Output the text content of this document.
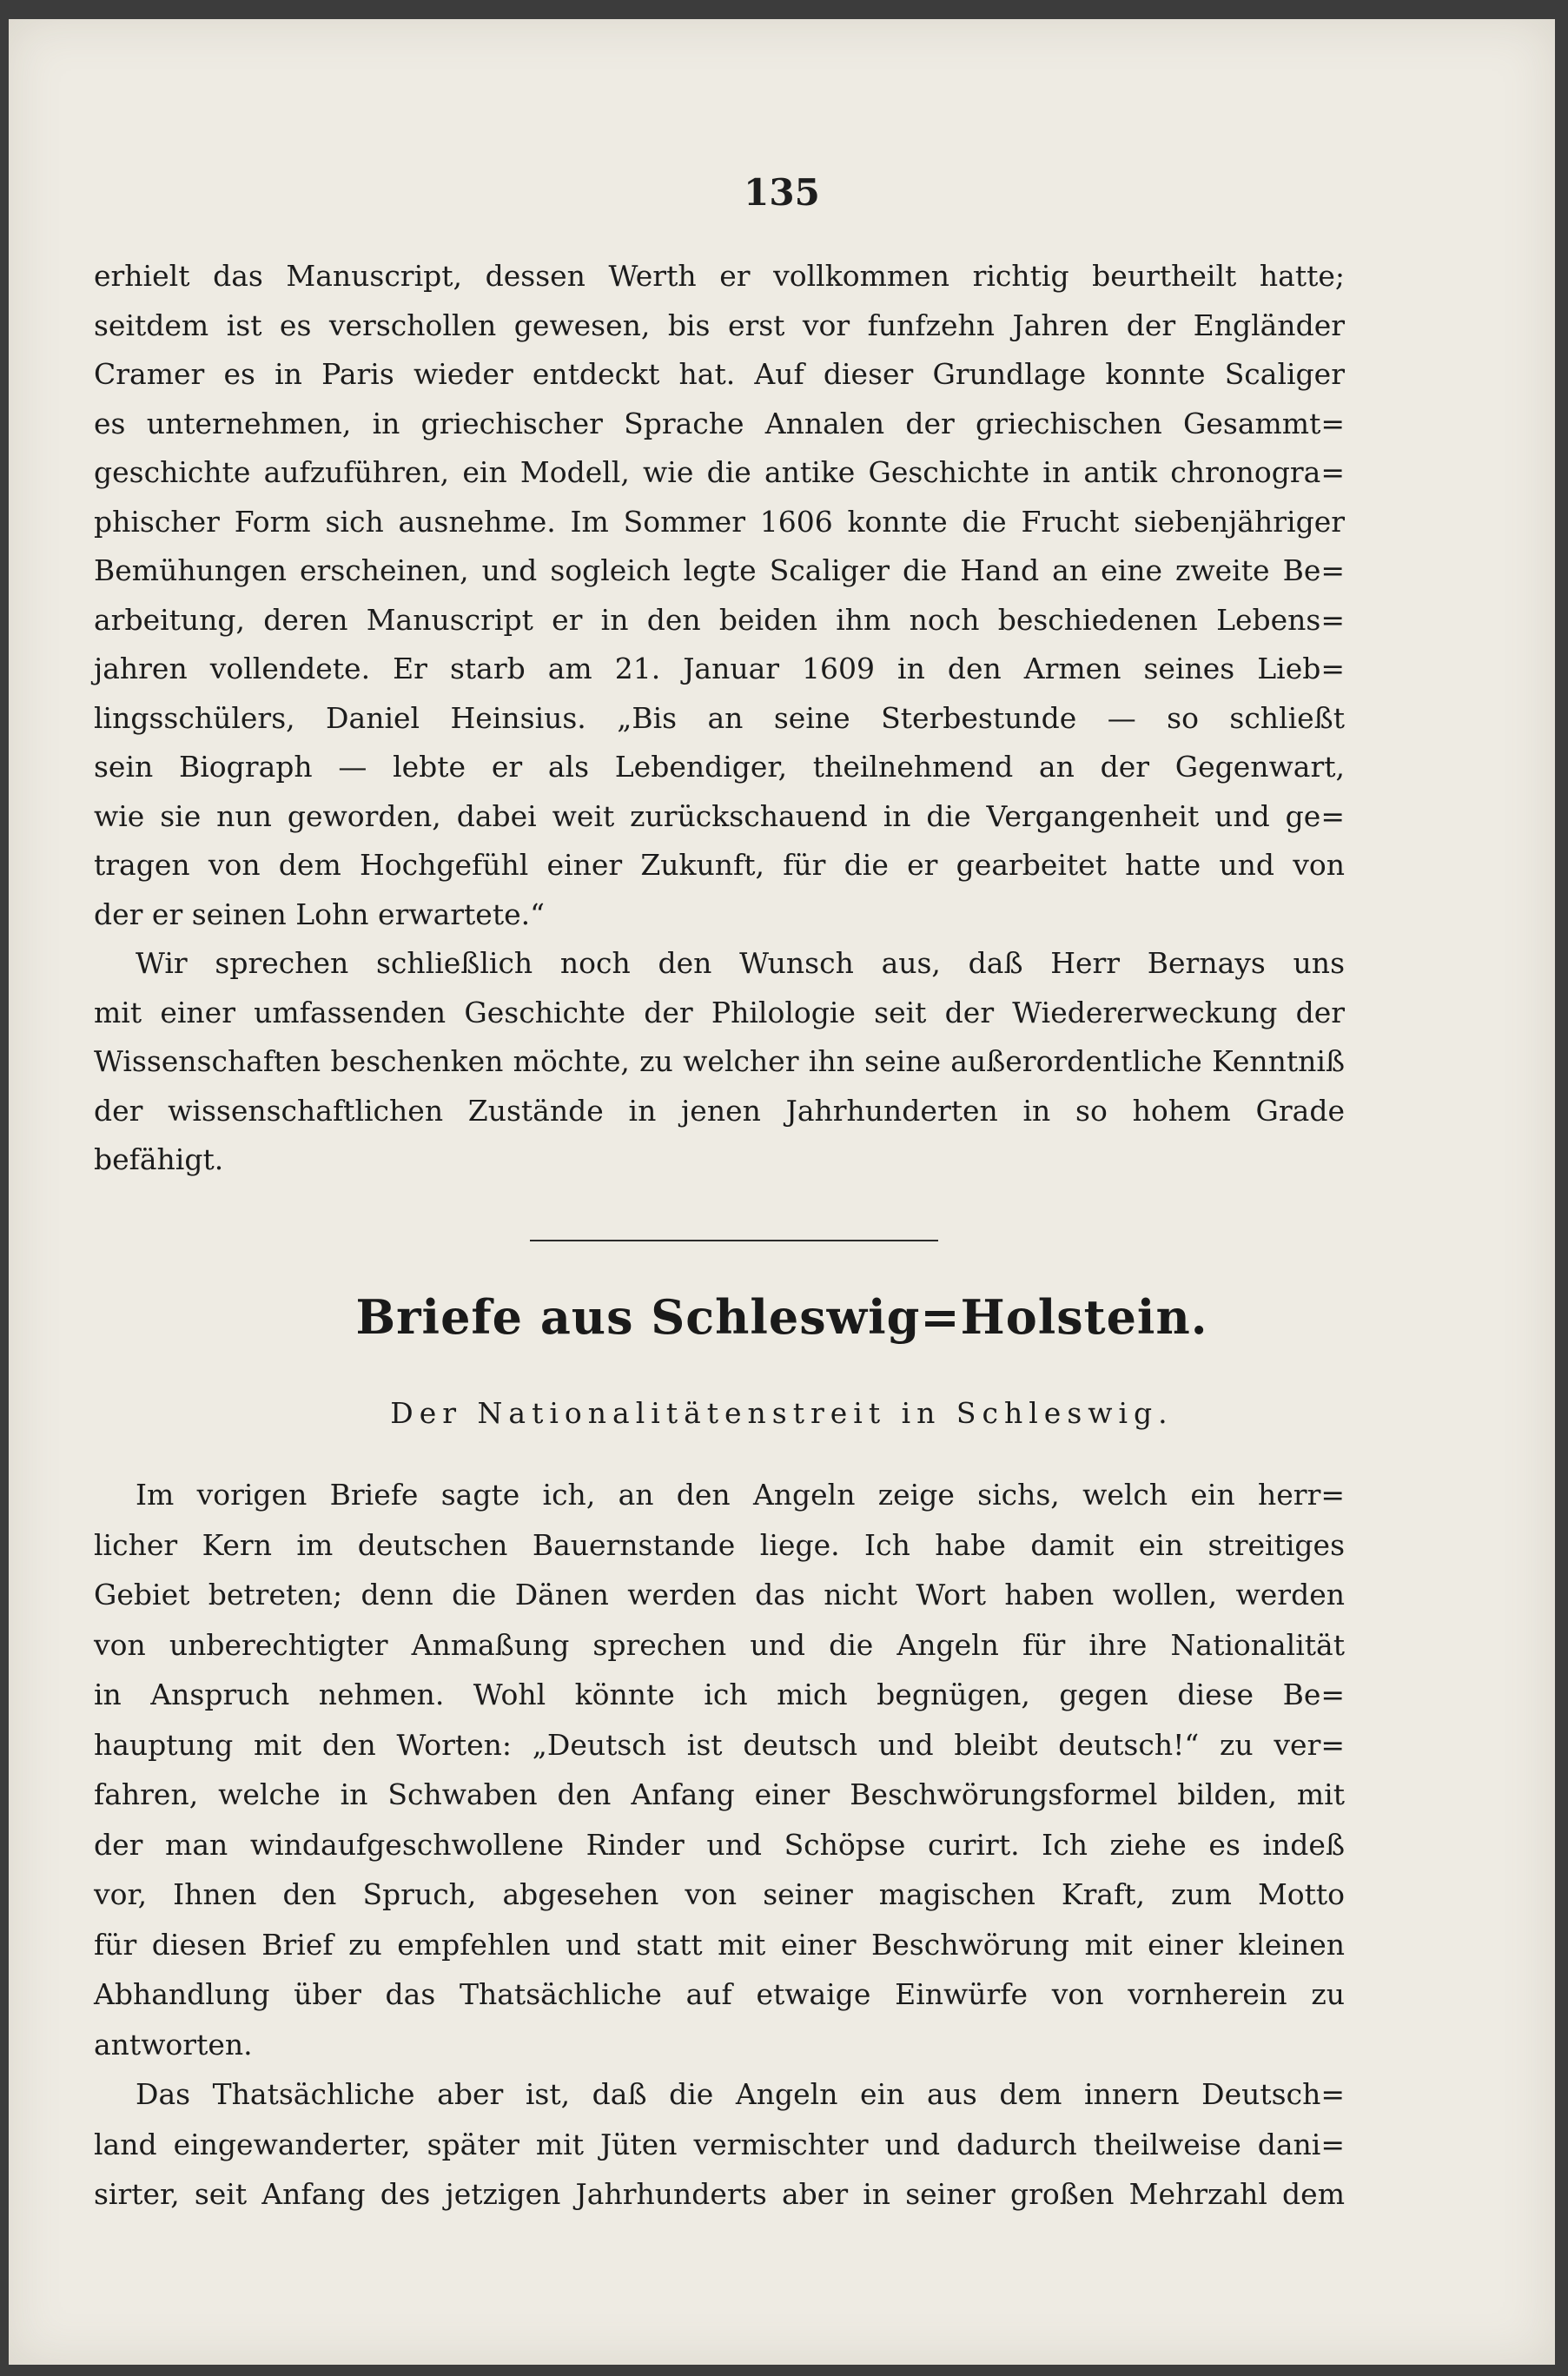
135
erhielt das Manuscript, dessen Werth er vollkommen richtig beurtheilt hatte;
seitdem ist es verschollen gewesen, bis erst vor funfzehn Jahren der Engländer
Cramer es in Paris wieder entdeckt hat. Auf dieser Grundlage konnte Scaliger
es unternehmen, in griechischer Sprache Annalen der griechischen Gesammt=
geschichte aufzuführen, ein Modell, wie die antike Geschichte in antik chronogra=
phischer Form sich ausnehme. Im Sommer 1606 konnte die Frucht siebenjähriger
Bemühungen erscheinen, und sogleich legte Scaliger die Hand an eine zweite Be=
arbeitung, deren Manuscript er in den beiden ihm noch beschiedenen Lebens=
jahren vollendete. Er starb am 21. Januar 1609 in den Armen seines Lieb=
lingsschülers, Daniel Heinsius. „Bis an seine Sterbestunde — so schließt
sein Biograph — lebte er als Lebendiger, theilnehmend an der Gegenwart,
wie sie nun geworden, dabei weit zurückschauend in die Vergangenheit und ge=
tragen von dem Hochgefühl einer Zukunft, für die er gearbeitet hatte und von
der er seinen Lohn erwartete.“
Wir sprechen schließlich noch den Wunsch aus, daß Herr Bernays uns
mit einer umfassenden Geschichte der Philologie seit der Wiedererweckung der
Wissenschaften beschenken möchte, zu welcher ihn seine außerordentliche Kenntniß
der wissenschaftlichen Zustände in jenen Jahrhunderten in so hohem Grade
befähigt.
Briefe aus Schleswig=Holstein.
Der Nationalitätenstreit in Schleswig.
Im vorigen Briefe sagte ich, an den Angeln zeige sichs, welch ein herr=
licher Kern im deutschen Bauernstande liege. Ich habe damit ein streitiges
Gebiet betreten; denn die Dänen werden das nicht Wort haben wollen, werden
von unberechtigter Anmaßung sprechen und die Angeln für ihre Nationalität
in Anspruch nehmen. Wohl könnte ich mich begnügen, gegen diese Be=
hauptung mit den Worten: „Deutsch ist deutsch und bleibt deutsch!“ zu ver=
fahren, welche in Schwaben den Anfang einer Beschwörungsformel bilden, mit
der man windaufgeschwollene Rinder und Schöpse curirt. Ich ziehe es indeß
vor, Ihnen den Spruch, abgesehen von seiner magischen Kraft, zum Motto
für diesen Brief zu empfehlen und statt mit einer Beschwörung mit einer kleinen
Abhandlung über das Thatsächliche auf etwaige Einwürfe von vornherein zu
antworten.
Das Thatsächliche aber ist, daß die Angeln ein aus dem innern Deutsch=
land eingewanderter, später mit Jüten vermischter und dadurch theilweise dani=
sirter, seit Anfang des jetzigen Jahrhunderts aber in seiner großen Mehrzahl dem
